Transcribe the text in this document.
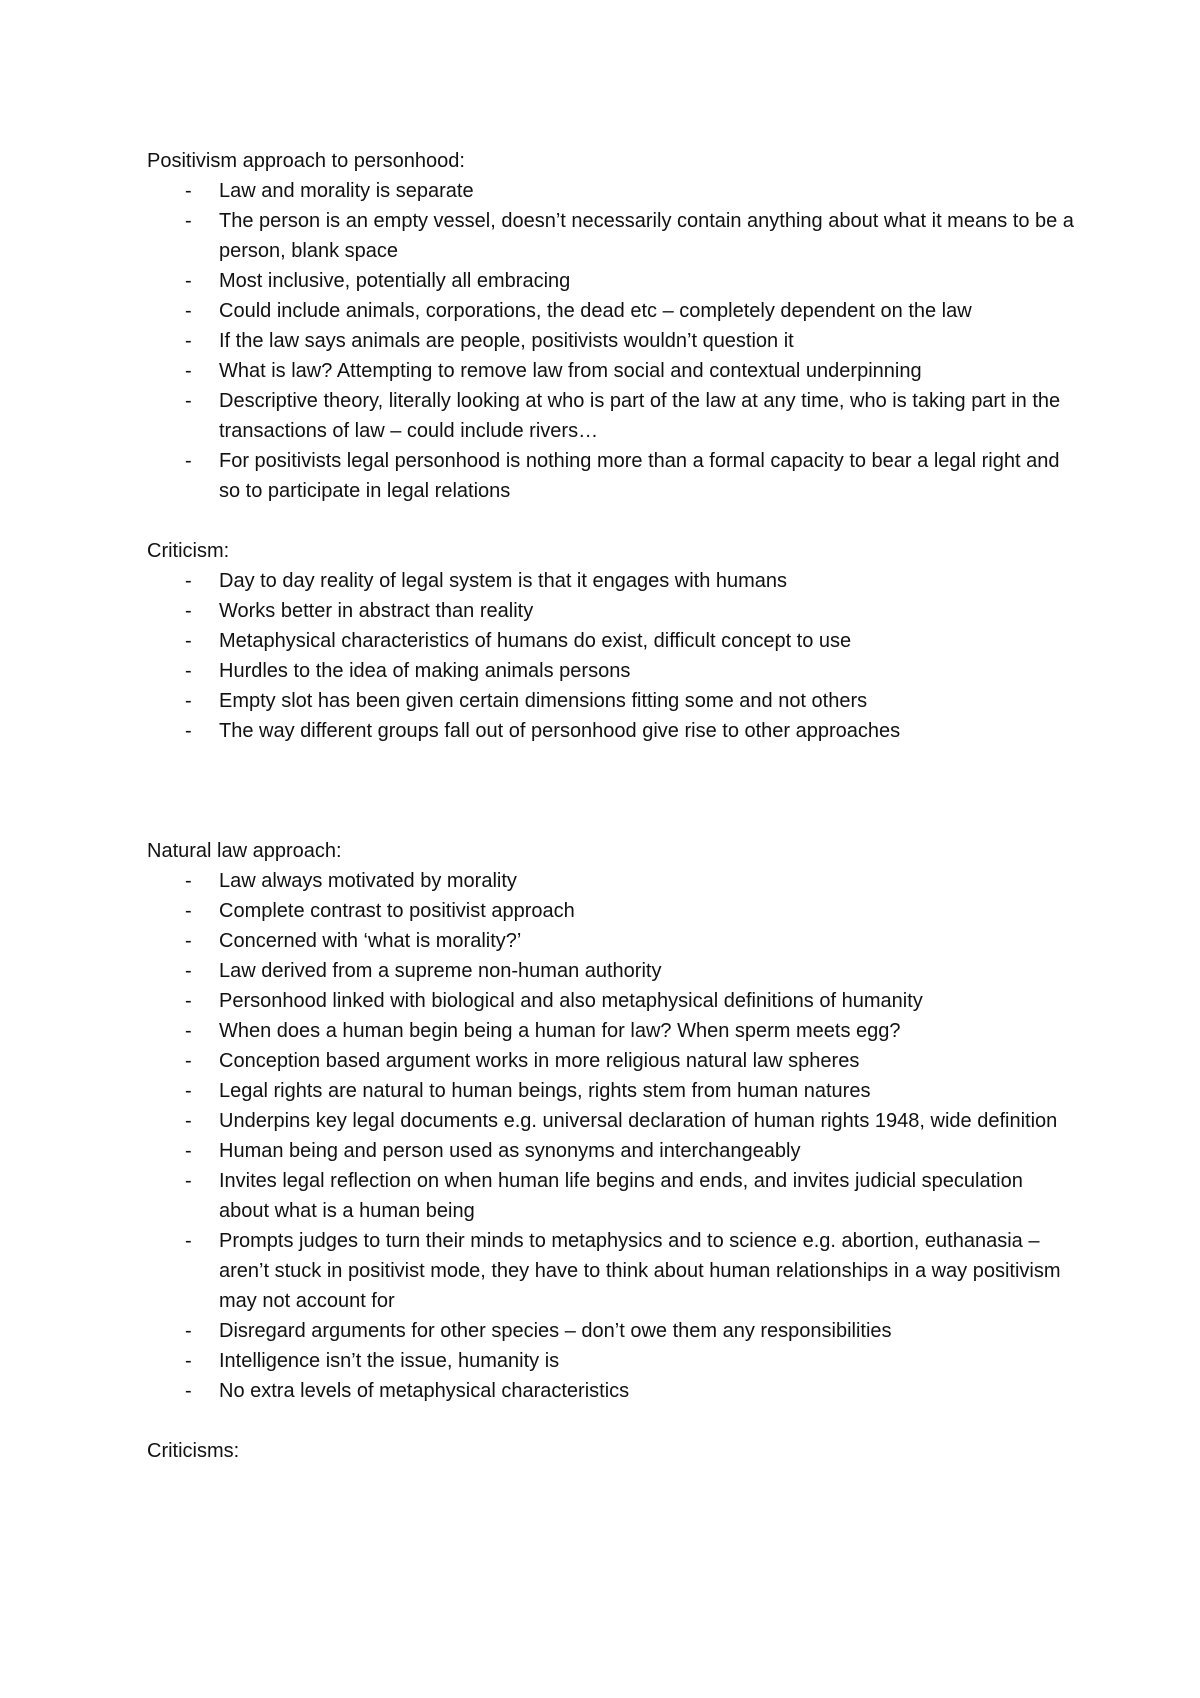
Positivism approach to personhood:

- Law and morality is separate
- The person is an empty vessel, doesn’t necessarily contain anything about what it means to be a person, blank space
- Most inclusive, potentially all embracing
- Could include animals, corporations, the dead etc – completely dependent on the law
- If the law says animals are people, positivists wouldn’t question it
- What is law? Attempting to remove law from social and contextual underpinning
- Descriptive theory, literally looking at who is part of the law at any time, who is taking part in the transactions of law – could include rivers…
- For positivists legal personhood is nothing more than a formal capacity to bear a legal right and so to participate in legal relations

Criticism:

- Day to day reality of legal system is that it engages with humans
- Works better in abstract than reality
- Metaphysical characteristics of humans do exist, difficult concept to use
- Hurdles to the idea of making animals persons
- Empty slot has been given certain dimensions fitting some and not others
- The way different groups fall out of personhood give rise to other approaches

Natural law approach:

- Law always motivated by morality
- Complete contrast to positivist approach
- Concerned with ‘what is morality?’
- Law derived from a supreme non-human authority
- Personhood linked with biological and also metaphysical definitions of humanity
- When does a human begin being a human for law? When sperm meets egg?
- Conception based argument works in more religious natural law spheres
- Legal rights are natural to human beings, rights stem from human natures
- Underpins key legal documents e.g. universal declaration of human rights 1948, wide definition
- Human being and person used as synonyms and interchangeably
- Invites legal reflection on when human life begins and ends, and invites judicial speculation about what is a human being
- Prompts judges to turn their minds to metaphysics and to science e.g. abortion, euthanasia – aren’t stuck in positivist mode, they have to think about human relationships in a way positivism may not account for
- Disregard arguments for other species – don’t owe them any responsibilities
- Intelligence isn’t the issue, humanity is
- No extra levels of metaphysical characteristics

Criticisms:
